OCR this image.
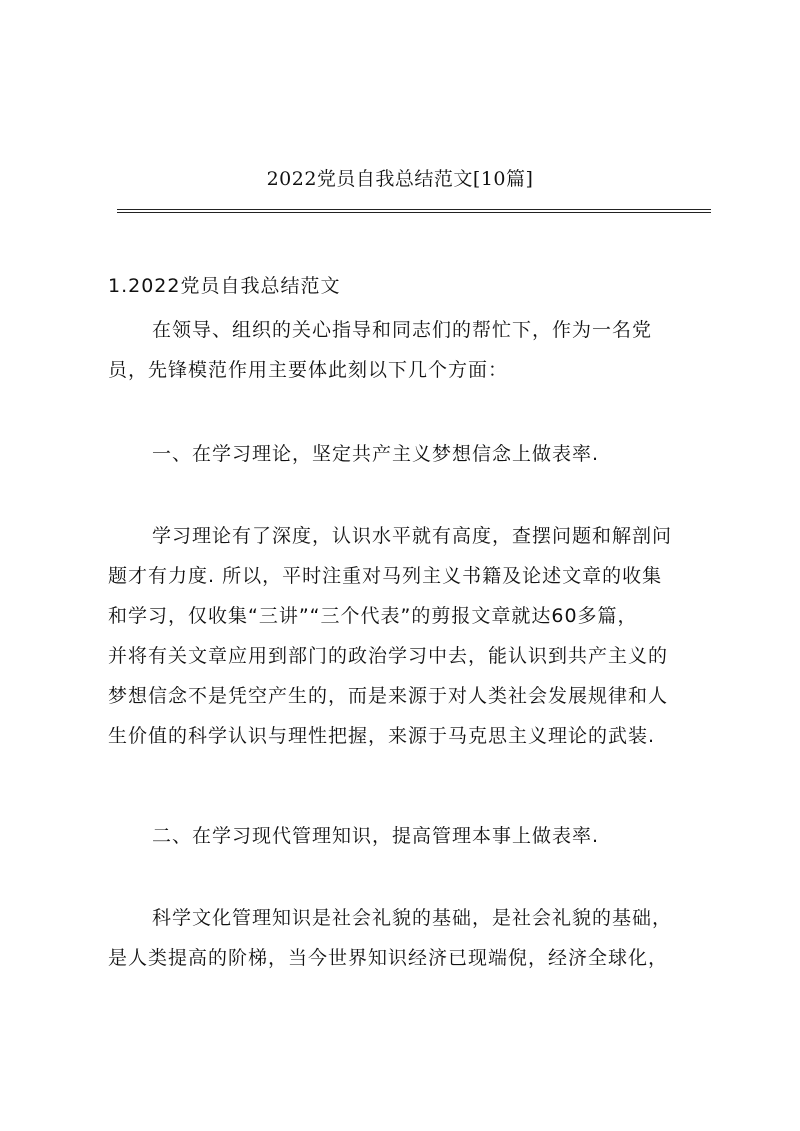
2022党员自我总结范文[10篇]
1.2022党员自我总结范文
在领导、组织的关心指导和同志们的帮忙下，作为一名党
员，先锋模范作用主要体此刻以下几个方面：
一、在学习理论，坚定共产主义梦想信念上做表率.
学习理论有了深度，认识水平就有高度，查摆问题和解剖问
题才有力度. 所以，平时注重对马列主义书籍及论述文章的收集
和学习，仅收集“三讲”“三个代表”的剪报文章就达60多篇，
并将有关文章应用到部门的政治学习中去，能认识到共产主义的
梦想信念不是凭空产生的，而是来源于对人类社会发展规律和人
生价值的科学认识与理性把握，来源于马克思主义理论的武装.
二、在学习现代管理知识，提高管理本事上做表率.
科学文化管理知识是社会礼貌的基础，是社会礼貌的基础，
是人类提高的阶梯，当今世界知识经济已现端倪，经济全球化，
